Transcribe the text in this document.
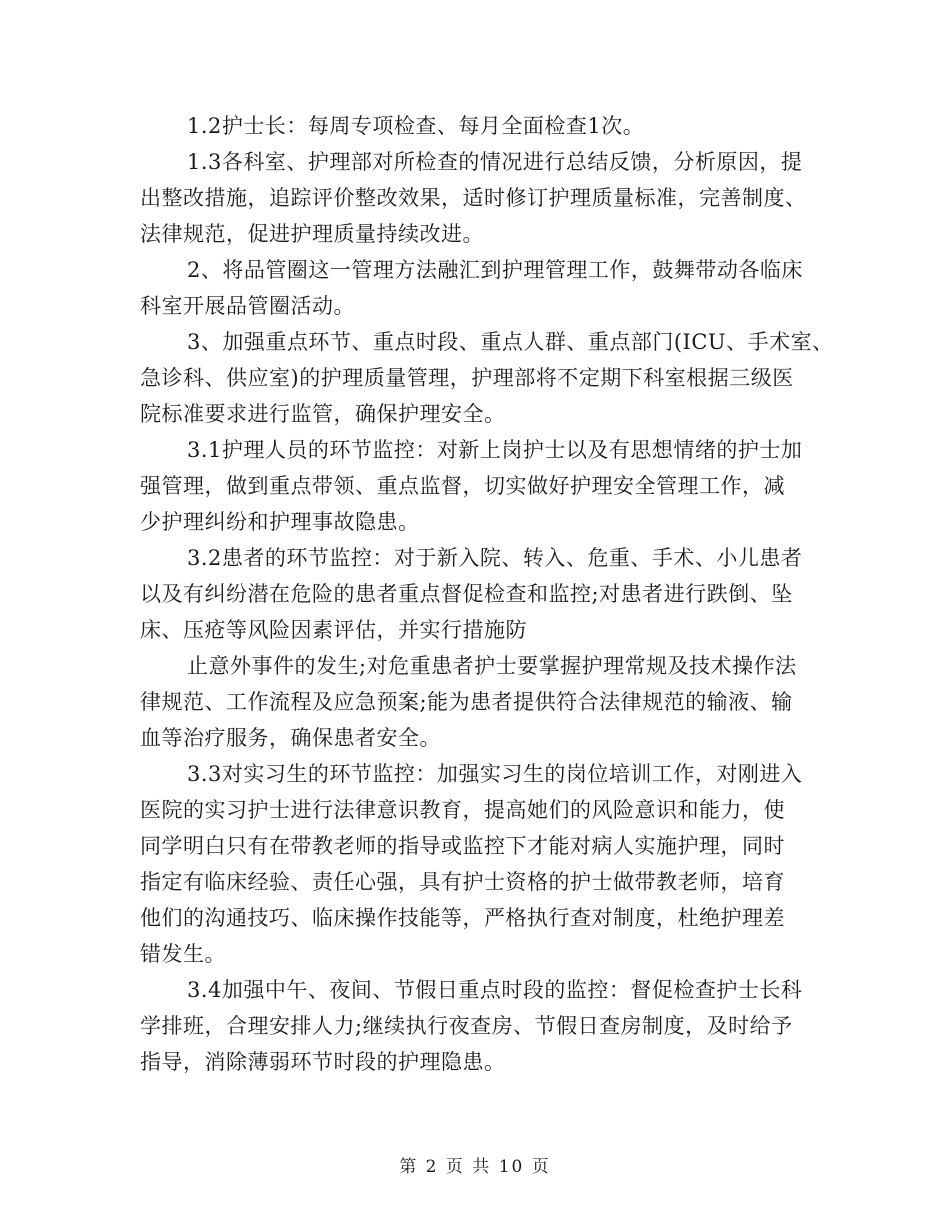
1.2护士长：每周专项检查、每月全面检查1次。
1.3各科室、护理部对所检查的情况进行总结反馈，分析原因，提
出整改措施，追踪评价整改效果，适时修订护理质量标准，完善制度、
法律规范，促进护理质量持续改进。
2、将品管圈这一管理方法融汇到护理管理工作，鼓舞带动各临床
科室开展品管圈活动。
3、加强重点环节、重点时段、重点人群、重点部门(ICU、手术室、
急诊科、供应室)的护理质量管理，护理部将不定期下科室根据三级医
院标准要求进行监管，确保护理安全。
3.1护理人员的环节监控：对新上岗护士以及有思想情绪的护士加
强管理，做到重点带领、重点监督，切实做好护理安全管理工作，减
少护理纠纷和护理事故隐患。
3.2患者的环节监控：对于新入院、转入、危重、手术、小儿患者
以及有纠纷潜在危险的患者重点督促检查和监控;对患者进行跌倒、坠
床、压疮等风险因素评估，并实行措施防
止意外事件的发生;对危重患者护士要掌握护理常规及技术操作法
律规范、工作流程及应急预案;能为患者提供符合法律规范的输液、输
血等治疗服务，确保患者安全。
3.3对实习生的环节监控：加强实习生的岗位培训工作，对刚进入
医院的实习护士进行法律意识教育，提高她们的风险意识和能力，使
同学明白只有在带教老师的指导或监控下才能对病人实施护理，同时
指定有临床经验、责任心强，具有护士资格的护士做带教老师，培育
他们的沟通技巧、临床操作技能等，严格执行查对制度，杜绝护理差
错发生。
3.4加强中午、夜间、节假日重点时段的监控：督促检查护士长科
学排班，合理安排人力;继续执行夜查房、节假日查房制度，及时给予
指导，消除薄弱环节时段的护理隐患。
第 2 页 共 10 页
